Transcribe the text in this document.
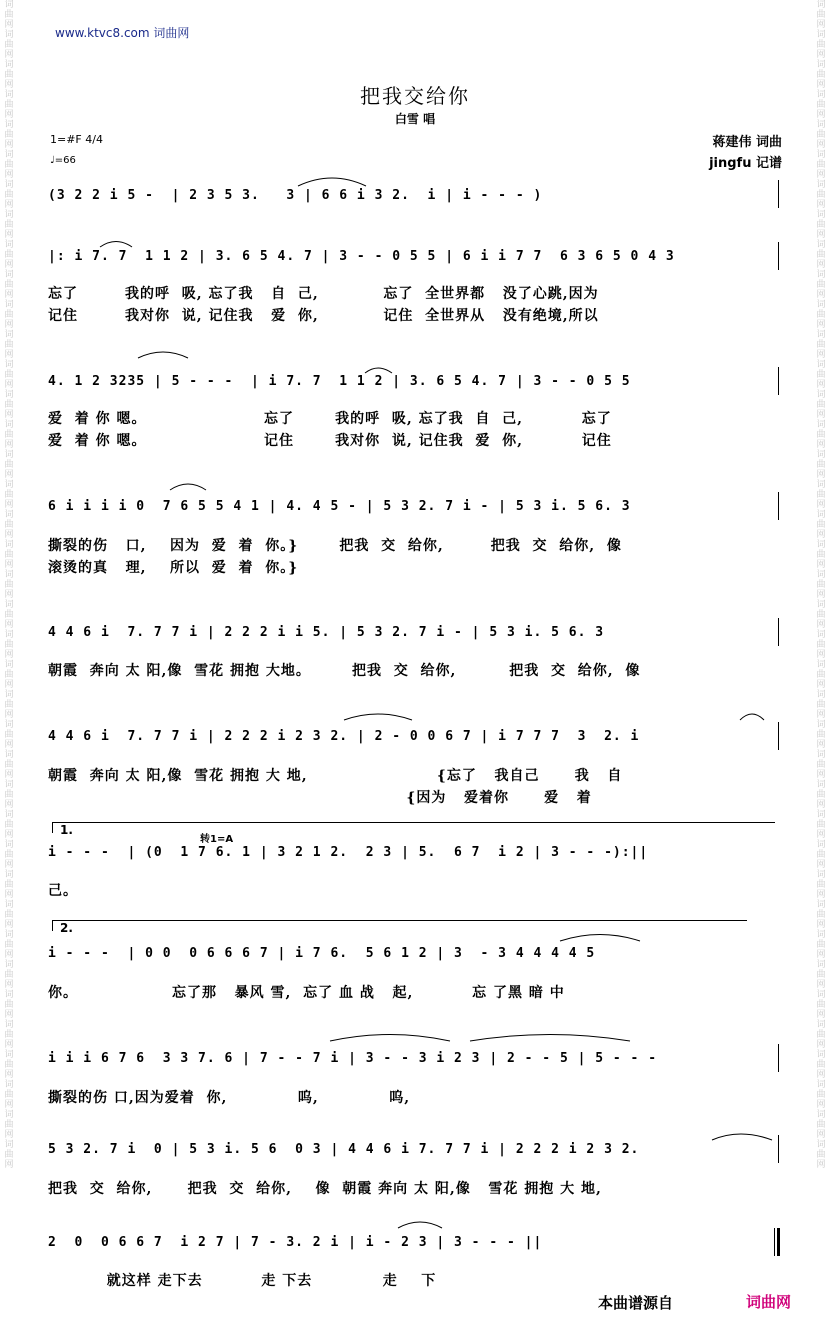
词曲网词曲网词曲网词曲网词曲网词曲网词曲网词曲网词曲网词曲网词曲网词曲网词曲网词曲网词曲网词曲网词曲网词曲网词曲网词曲网词曲网词曲网词曲网词曲网词曲网词曲网词曲网词曲网词曲网词曲网词曲网词曲网词曲网词曲网词曲网词曲网词曲网词曲网词曲网
词曲网词曲网词曲网词曲网词曲网词曲网词曲网词曲网词曲网词曲网词曲网词曲网词曲网词曲网词曲网词曲网词曲网词曲网词曲网词曲网词曲网词曲网词曲网词曲网词曲网词曲网词曲网词曲网词曲网词曲网词曲网词曲网词曲网词曲网词曲网词曲网词曲网词曲网词曲网
www.ktvc8.com 词曲网
把我交给你
白雪 唱
1=#F 4/4
♩=66
蒋建伟 词曲
jingfu 记谱
(3 2 2 i 5 -  | 2 3 5 3.   3 | 6 6 i 3 2.  i | i - - - )
|: i 7. 7  1 1 2 | 3. 6 5 4. 7 | 3 - - 0 5 5 | 6 i i 7 7  6 3 6 5 0 4 3
忘了        我的呼  吸, 忘了我   自  己,           忘了  全世界都   没了心跳,因为
记住        我对你  说, 记住我   爱  你,           记住  全世界从   没有绝境,所以
4. 1 2 3235 | 5 - - -  | i 7. 7  1 1 2 | 3. 6 5 4. 7 | 3 - - 0 5 5
爱  着 你 嗯。                    忘了       我的呼  吸, 忘了我  自  己,          忘了
爱  着 你 嗯。                    记住       我对你  说, 记住我  爱  你,          记住
6 i i i i 0  7 6 5 5 4 1 | 4. 4 5 - | 5 3 2. 7 i - | 5 3 i. 5 6. 3
撕裂的伤   口,    因为  爱  着  你。}       把我  交  给你,        把我  交  给你,  像
滚烫的真   理,    所以  爱  着  你。}
4 4 6 i  7. 7 7 i | 2 2 2 i i 5. | 5 3 2. 7 i - | 5 3 i. 5 6. 3
朝霞  奔向 太 阳,像  雪花 拥抱 大地。       把我  交  给你,         把我  交  给你,  像
4 4 6 i  7. 7 7 i | 2 2 2 i 2 3 2. | 2 - 0 0 6 7 | i 7 7 7  3  2. i
朝霞  奔向 太 阳,像  雪花 拥抱 大 地,                      {忘了   我自己      我   自
{因为   爱着你      爱   着
1.
转1=A
i - - -  | (0  1 7 6. 1 | 3 2 1 2.  2 3 | 5.  6 7  i 2 | 3 - - -):||
己。
2.
i - - -  | 0 0  0 6 6 6 7 | i 7 6.  5 6 1 2 | 3  - 3 4 4 4 4 5
你。                忘了那   暴风 雪,  忘了 血 战   起,          忘 了黑 暗 中
i i i 6 7 6  3 3 7. 6 | 7 - - 7 i | 3 - - 3 i 2 3 | 2 - - 5 | 5 - - -
撕裂的伤 口,因为爱着  你,            呜,            呜,
5 3 2. 7 i  0 | 5 3 i. 5 6  0 3 | 4 4 6 i 7. 7 7 i | 2 2 2 i 2 3 2.
把我  交  给你,      把我  交  给你,    像  朝霞 奔向 太 阳,像   雪花 拥抱 大 地,
2  0  0 6 6 7  i 2 7 | 7 - 3. 2 i | i - 2 3 | 3 - - - ||
就这样 走下去          走 下去            走    下
本曲谱源自	词曲网
